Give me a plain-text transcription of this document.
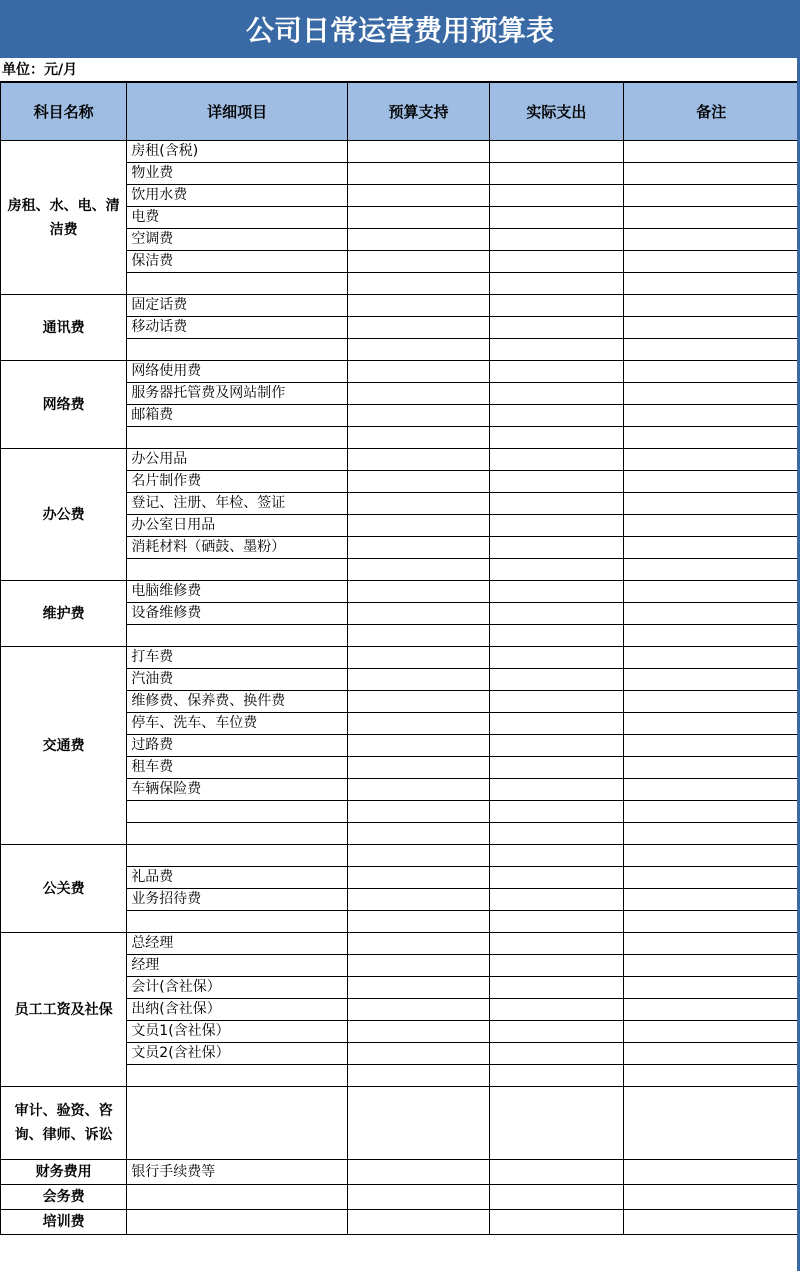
公司日常运营费用预算表
单位：元/月
科目名称	详细项目	预算支持	实际支出	备注
房租、水、电、清洁费	房租(含税)			
	物业费			
	饮用水费			
	电费			
	空调费			
	保洁费			

通讯费	固定话费			
	移动话费			

网络费	网络使用费			
	服务器托管费及网站制作			
	邮箱费			

办公费	办公用品			
	名片制作费			
	登记、注册、年检、签证			
	办公室日用品			
	消耗材料（硒鼓、墨粉）			

维护费	电脑维修费			
	设备维修费			

交通费	打车费			
	汽油费			
	维修费、保养费、换件费			
	停车、洗车、车位费			
	过路费			
	租车费			
	车辆保险费			

公关费				
	礼品费			
	业务招待费			

员工工资及社保	总经理			
	经理			
	会计(含社保）			
	出纳(含社保）			
	文员1(含社保）			
	文员2(含社保）			

审计、验资、咨询、律师、诉讼				
财务费用	银行手续费等			
会务费				
培训费				
